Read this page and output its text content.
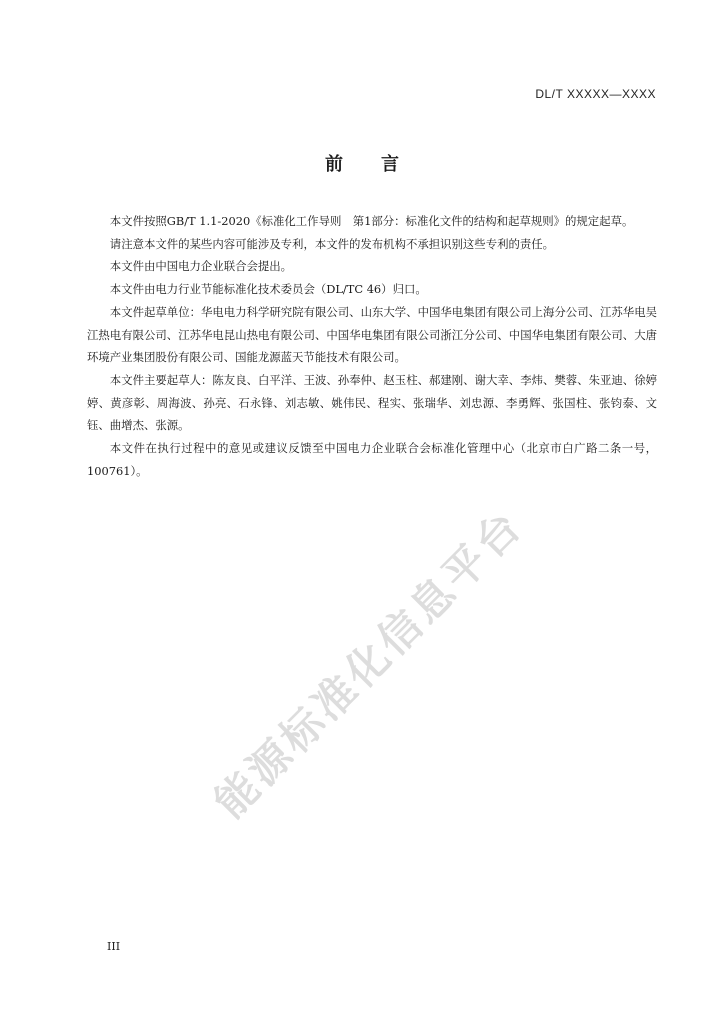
DL/T XXXXX—XXXX
前言

本文件按照GB/T 1.1-2020《标准化工作导则　第1部分：标准化文件的结构和起草规则》的规定起草。

请注意本文件的某些内容可能涉及专利，本文件的发布机构不承担识别这些专利的责任。

本文件由中国电力企业联合会提出。

本文件由电力行业节能标准化技术委员会（DL/TC 46）归口。

本文件起草单位：华电电力科学研究院有限公司、山东大学、中国华电集团有限公司上海分公司、江苏华电吴江热电有限公司、江苏华电昆山热电有限公司、中国华电集团有限公司浙江分公司、中国华电集团有限公司、大唐环境产业集团股份有限公司、国能龙源蓝天节能技术有限公司。

本文件主要起草人：陈友良、白平洋、王波、孙奉仲、赵玉柱、郝建刚、谢大幸、李炜、樊蓉、朱亚迪、徐婷婷、黄彦彰、周海波、孙亮、石永锋、刘志敏、姚伟民、程实、张瑞华、刘忠源、李勇辉、张国柱、张钧泰、文钰、曲增杰、张源。

本文件在执行过程中的意见或建议反馈至中国电力企业联合会标准化管理中心（北京市白广路二条一号，100761）。

能源标准化信息平台
III
